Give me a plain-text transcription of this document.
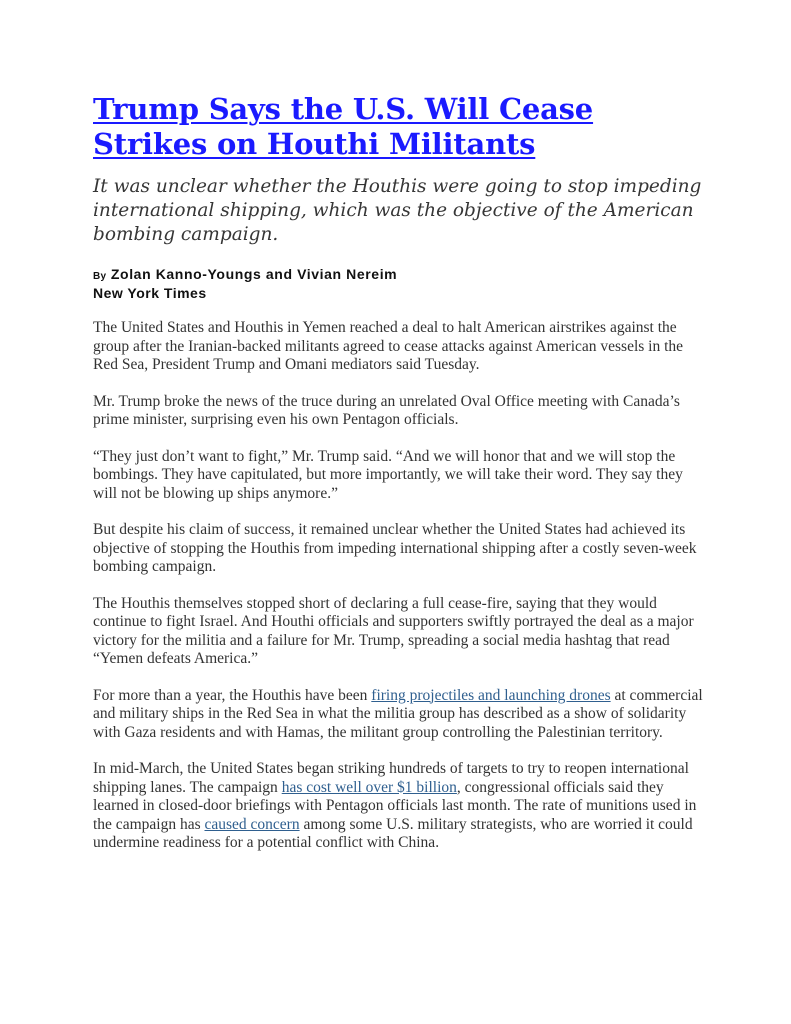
Trump Says the U.S. Will Cease Strikes on Houthi Militants

It was unclear whether the Houthis were going to stop impeding international shipping, which was the objective of the American bombing campaign.

By Zolan Kanno-Youngs and Vivian Nereim
New York Times

The United States and Houthis in Yemen reached a deal to halt American airstrikes against the group after the Iranian-backed militants agreed to cease attacks against American vessels in the Red Sea, President Trump and Omani mediators said Tuesday.

Mr. Trump broke the news of the truce during an unrelated Oval Office meeting with Canada’s prime minister, surprising even his own Pentagon officials.

“They just don’t want to fight,” Mr. Trump said. “And we will honor that and we will stop the bombings. They have capitulated, but more importantly, we will take their word. They say they will not be blowing up ships anymore.”

But despite his claim of success, it remained unclear whether the United States had achieved its objective of stopping the Houthis from impeding international shipping after a costly seven-week bombing campaign.

The Houthis themselves stopped short of declaring a full cease-fire, saying that they would continue to fight Israel. And Houthi officials and supporters swiftly portrayed the deal as a major victory for the militia and a failure for Mr. Trump, spreading a social media hashtag that read “Yemen defeats America.”

For more than a year, the Houthis have been firing projectiles and launching drones at commercial and military ships in the Red Sea in what the militia group has described as a show of solidarity with Gaza residents and with Hamas, the militant group controlling the Palestinian territory.

In mid-March, the United States began striking hundreds of targets to try to reopen international shipping lanes. The campaign has cost well over $1 billion, congressional officials said they learned in closed-door briefings with Pentagon officials last month. The rate of munitions used in the campaign has caused concern among some U.S. military strategists, who are worried it could undermine readiness for a potential conflict with China.
